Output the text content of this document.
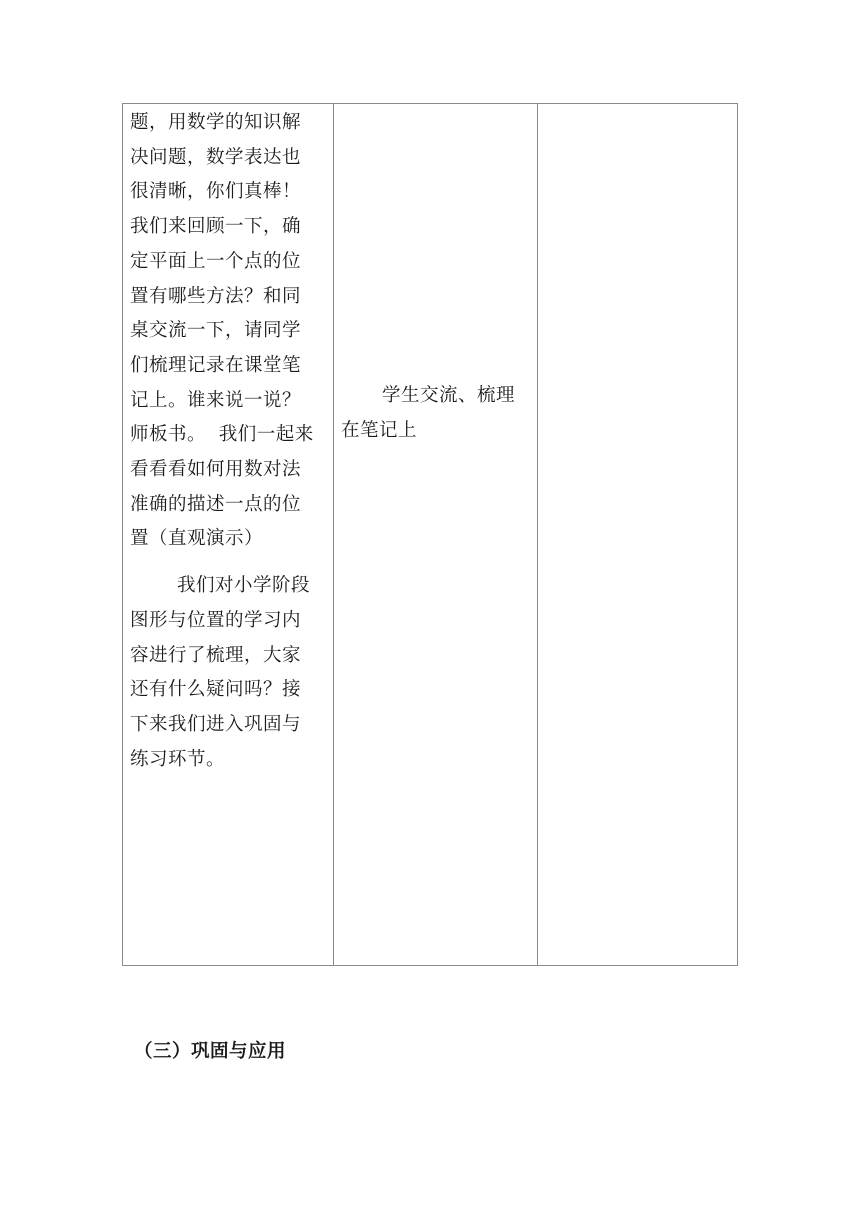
题，用数学的知识解
决问题，数学表达也
很清晰，你们真棒！
我们来回顾一下，确
定平面上一个点的位
置有哪些方法？和同
桌交流一下，请同学
们梳理记录在课堂笔
记上。谁来说一说？
师板书。  我们一起来
看看看如何用数对法
准确的描述一点的位
置（直观演示）
我们对小学阶段
图形与位置的学习内
容进行了梳理，大家
还有什么疑问吗？接
下来我们进入巩固与
练习环节。
学生交流、梳理
在笔记上
（三）巩固与应用
